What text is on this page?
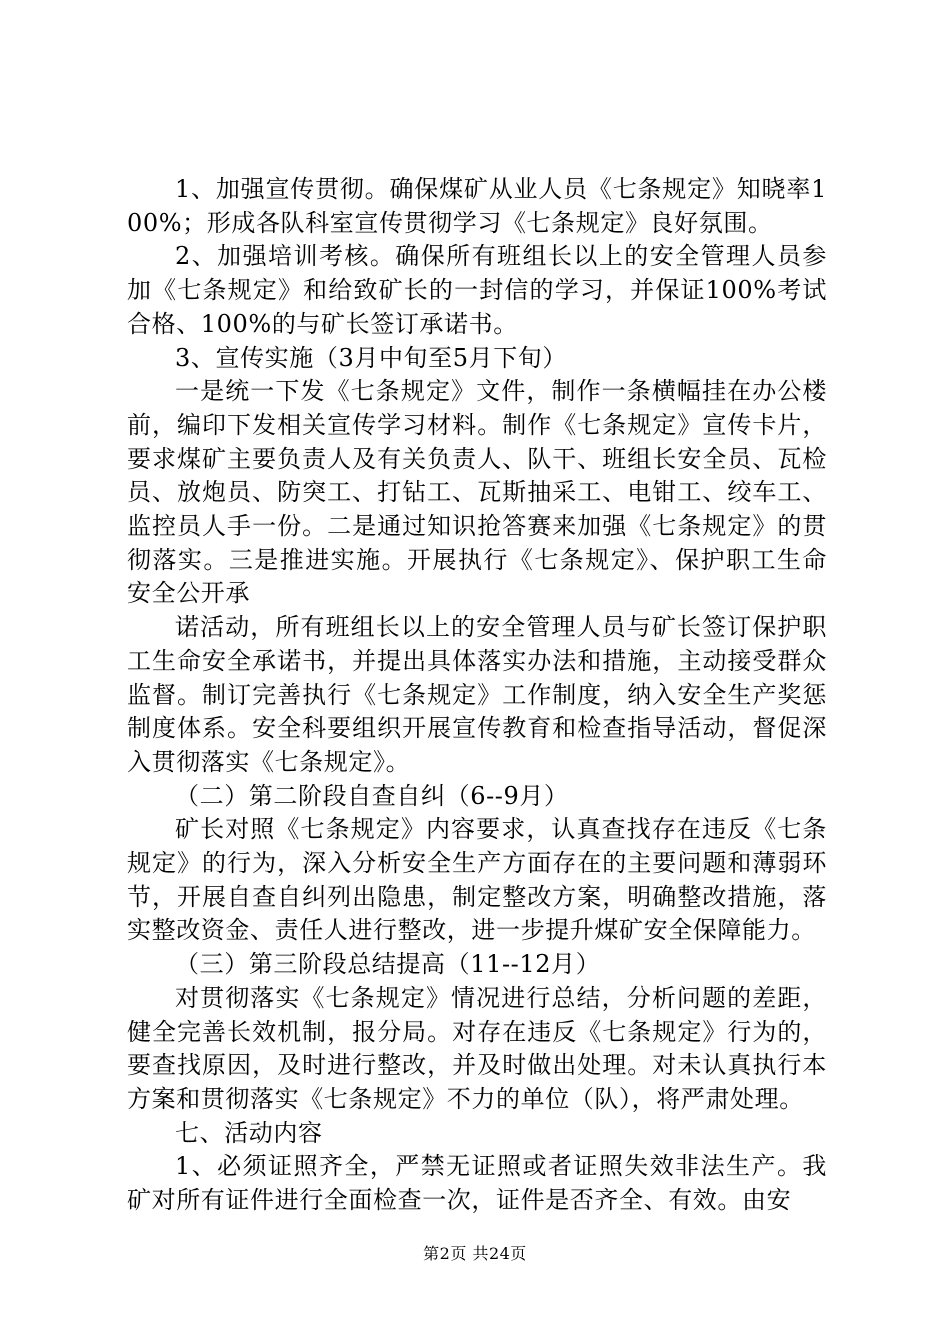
1、加强宣传贯彻。确保煤矿从业人员《七条规定》知晓率100%；形成各队科室宣传贯彻学习《七条规定》良好氛围。

2、加强培训考核。确保所有班组长以上的安全管理人员参加《七条规定》和给致矿长的一封信的学习，并保证100%考试合格、100%的与矿长签订承诺书。

3、宣传实施（3月中旬至5月下旬）

一是统一下发《七条规定》文件，制作一条横幅挂在办公楼前，编印下发相关宣传学习材料。制作《七条规定》宣传卡片，要求煤矿主要负责人及有关负责人、队干、班组长安全员、瓦检员、放炮员、防突工、打钻工、瓦斯抽采工、电钳工、绞车工、监控员人手一份。二是通过知识抢答赛来加强《七条规定》的贯彻落实。三是推进实施。开展执行《七条规定》、保护职工生命安全公开承

诺活动，所有班组长以上的安全管理人员与矿长签订保护职工生命安全承诺书，并提出具体落实办法和措施，主动接受群众监督。制订完善执行《七条规定》工作制度，纳入安全生产奖惩制度体系。安全科要组织开展宣传教育和检查指导活动，督促深入贯彻落实《七条规定》。

（二）第二阶段自查自纠（6--9月）

矿长对照《七条规定》内容要求，认真查找存在违反《七条规定》的行为，深入分析安全生产方面存在的主要问题和薄弱环节，开展自查自纠列出隐患，制定整改方案，明确整改措施，落实整改资金、责任人进行整改，进一步提升煤矿安全保障能力。

（三）第三阶段总结提高（11--12月）

对贯彻落实《七条规定》情况进行总结，分析问题的差距，健全完善长效机制，报分局。对存在违反《七条规定》行为的，要查找原因，及时进行整改，并及时做出处理。对未认真执行本方案和贯彻落实《七条规定》不力的单位（队），将严肃处理。

七、活动内容

1、必须证照齐全，严禁无证照或者证照失效非法生产。我矿对所有证件进行全面检查一次，证件是否齐全、有效。由安

第2页 共24页
